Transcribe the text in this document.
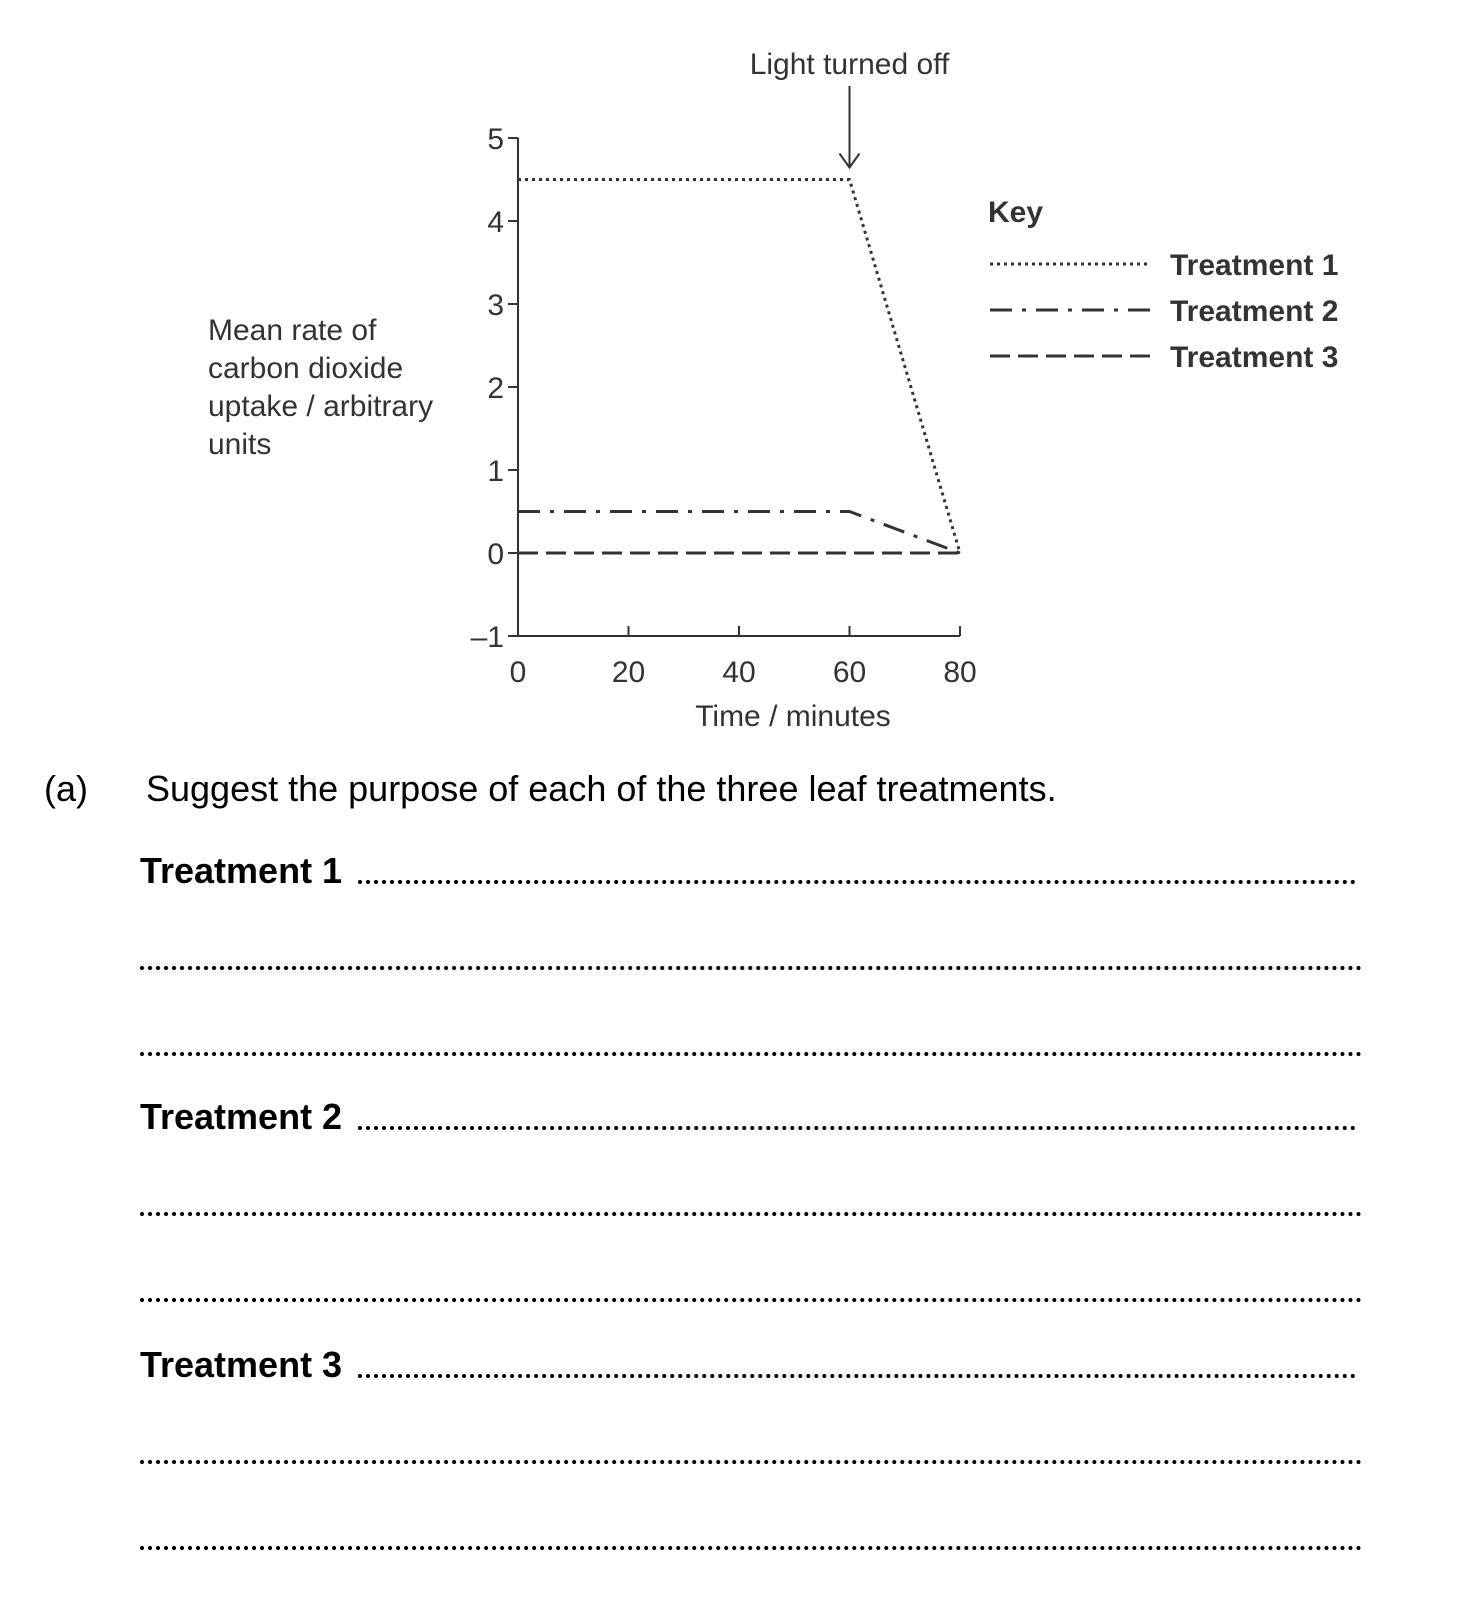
Mean rate of
carbon dioxide
uptake / arbitrary
units
–1
0
1
2
3
4
5
0	20	40	60	80
Time / minutes
Light turned off
Key
Treatment 1
Treatment 2
Treatment 3
(a) Suggest the purpose of each of the three leaf treatments.
Treatment 1
Treatment 2
Treatment 3
